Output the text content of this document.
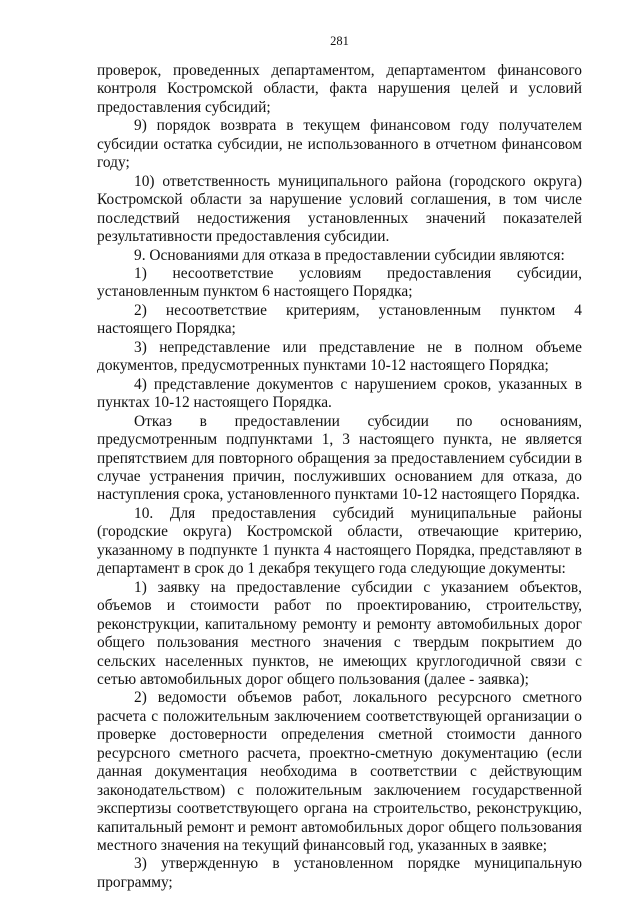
281

проверок, проведенных департаментом, департаментом финансового контроля Костромской области, факта нарушения целей и условий предоставления субсидий;

9) порядок возврата в текущем финансовом году получателем субсидии остатка субсидии, не использованного в отчетном финансовом году;

10) ответственность муниципального района (городского округа) Костромской области за нарушение условий соглашения, в том числе последствий недостижения установленных значений показателей результативности предоставления субсидии.

9. Основаниями для отказа в предоставлении субсидии являются:

1) несоответствие условиям предоставления субсидии, установленным пунктом 6 настоящего Порядка;

2) несоответствие критериям, установленным пунктом 4 настоящего Порядка;

3) непредставление или представление не в полном объеме документов, предусмотренных пунктами 10-12 настоящего Порядка;

4) представление документов с нарушением сроков, указанных в пунктах 10-12 настоящего Порядка.

Отказ в предоставлении субсидии по основаниям, предусмотренным подпунктами 1, 3 настоящего пункта, не является препятствием для повторного обращения за предоставлением субсидии в случае устранения причин, послуживших основанием для отказа, до наступления срока, установленного пунктами 10-12 настоящего Порядка.

10. Для предоставления субсидий муниципальные районы (городские округа) Костромской области, отвечающие критерию, указанному в подпункте 1 пункта 4 настоящего Порядка, представляют в департамент в срок до 1 декабря текущего года следующие документы:

1) заявку на предоставление субсидии с указанием объектов, объемов и стоимости работ по проектированию, строительству, реконструкции, капитальному ремонту и ремонту автомобильных дорог общего пользования местного значения с твердым покрытием до сельских населенных пунктов, не имеющих круглогодичной связи с сетью автомобильных дорог общего пользования (далее - заявка);

2) ведомости объемов работ, локального ресурсного сметного расчета с положительным заключением соответствующей организации о проверке достоверности определения сметной стоимости данного ресурсного сметного расчета, проектно-сметную документацию (если данная документация необходима в соответствии с действующим законодательством) с положительным заключением государственной экспертизы соответствующего органа на строительство, реконструкцию, капитальный ремонт и ремонт автомобильных дорог общего пользования местного значения на текущий финансовый год, указанных в заявке;

3) утвержденную в установленном порядке муниципальную программу;
